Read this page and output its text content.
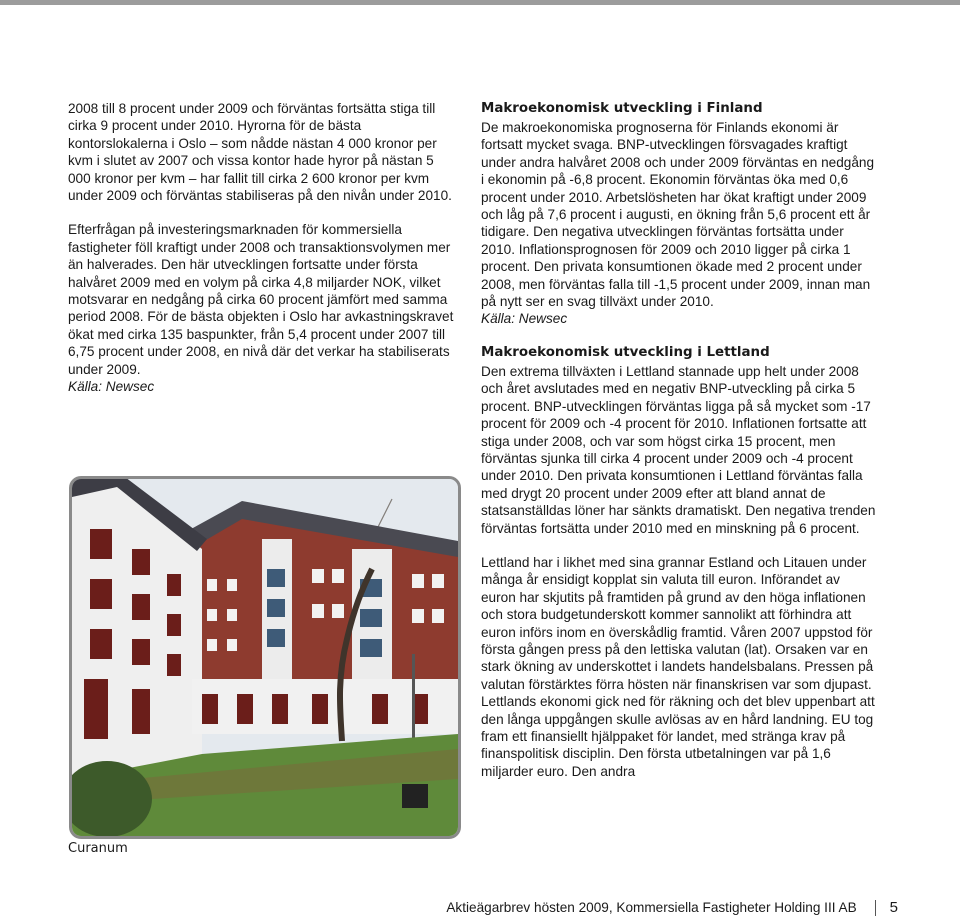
2008 till 8 procent under 2009 och förväntas fortsätta stiga till cirka 9 procent under 2010. Hyrorna för de bästa kontorslokalerna i Oslo – som nådde nästan 4 000 kronor per kvm i slutet av 2007 och vissa kontor hade hyror på nästan 5 000 kronor per kvm – har fallit till cirka 2 600 kronor per kvm under 2009 och förväntas stabiliseras på den nivån under 2010.

Efterfrågan på investeringsmarknaden för kommersiella fastigheter föll kraftigt under 2008 och transaktionsvolymen mer än halverades. Den här utvecklingen fortsatte under första halvåret 2009 med en volym på cirka 4,8 miljarder NOK, vilket motsvarar en nedgång på cirka 60 procent jämfört med samma period 2008. För de bästa objekten i Oslo har avkastningskravet ökat med cirka 135 baspunkter, från 5,4 procent under 2007 till 6,75 procent under 2008, en nivå där det verkar ha stabiliserats under 2009.
Källa: Newsec

Curanum
Makroekonomisk utveckling i Finland

De makroekonomiska prognoserna för Finlands ekonomi är fortsatt mycket svaga. BNP-utvecklingen försvagades kraftigt under andra halvåret 2008 och under 2009 förväntas en nedgång i ekonomin på -6,8 procent. Ekonomin förväntas öka med 0,6 procent under 2010. Arbetslösheten har ökat kraftigt under 2009 och låg på 7,6 procent i augusti, en ökning från 5,6 procent ett år tidigare. Den negativa utvecklingen förväntas fortsätta under 2010. Inflationsprognosen för 2009 och 2010 ligger på cirka 1 procent. Den privata konsumtionen ökade med 2 procent under 2008, men förväntas falla till -1,5 procent under 2009, innan man på nytt ser en svag tillväxt under 2010.
Källa: Newsec

Makroekonomisk utveckling i Lettland

Den extrema tillväxten i Lettland stannade upp helt under 2008 och året avslutades med en negativ BNP-utveckling på cirka 5 procent. BNP-utvecklingen förväntas ligga på så mycket som -17 procent för 2009 och -4 procent för 2010. Inflationen fortsatte att stiga under 2008, och var som högst cirka 15 procent, men förväntas sjunka till cirka 4 procent under 2009 och -4 procent under 2010. Den privata konsumtionen i Lettland förväntas falla med drygt 20 procent under 2009 efter att bland annat de statsanställdas löner har sänkts dramatiskt. Den negativa trenden förväntas fortsätta under 2010 med en minskning på 6 procent.

Lettland har i likhet med sina grannar Estland och Litauen under många år ensidigt kopplat sin valuta till euron. Införandet av euron har skjutits på framtiden på grund av den höga inflationen och stora budgetunderskott kommer sannolikt att förhindra att euron införs inom en överskådlig framtid. Våren 2007 uppstod för första gången press på den lettiska valutan (lat). Orsaken var en stark ökning av underskottet i landets handelsbalans. Pressen på valutan förstärktes förra hösten när finanskrisen var som djupast. Lettlands ekonomi gick ned för räkning och det blev uppenbart att den långa uppgången skulle avlösas av en hård landning. EU tog fram ett finansiellt hjälppaket för landet, med stränga krav på finanspolitisk disciplin. Den första utbetalningen var på 1,6 miljarder euro. Den andra

Aktieägarbrev hösten 2009, Kommersiella Fastigheter Holding III AB 5
